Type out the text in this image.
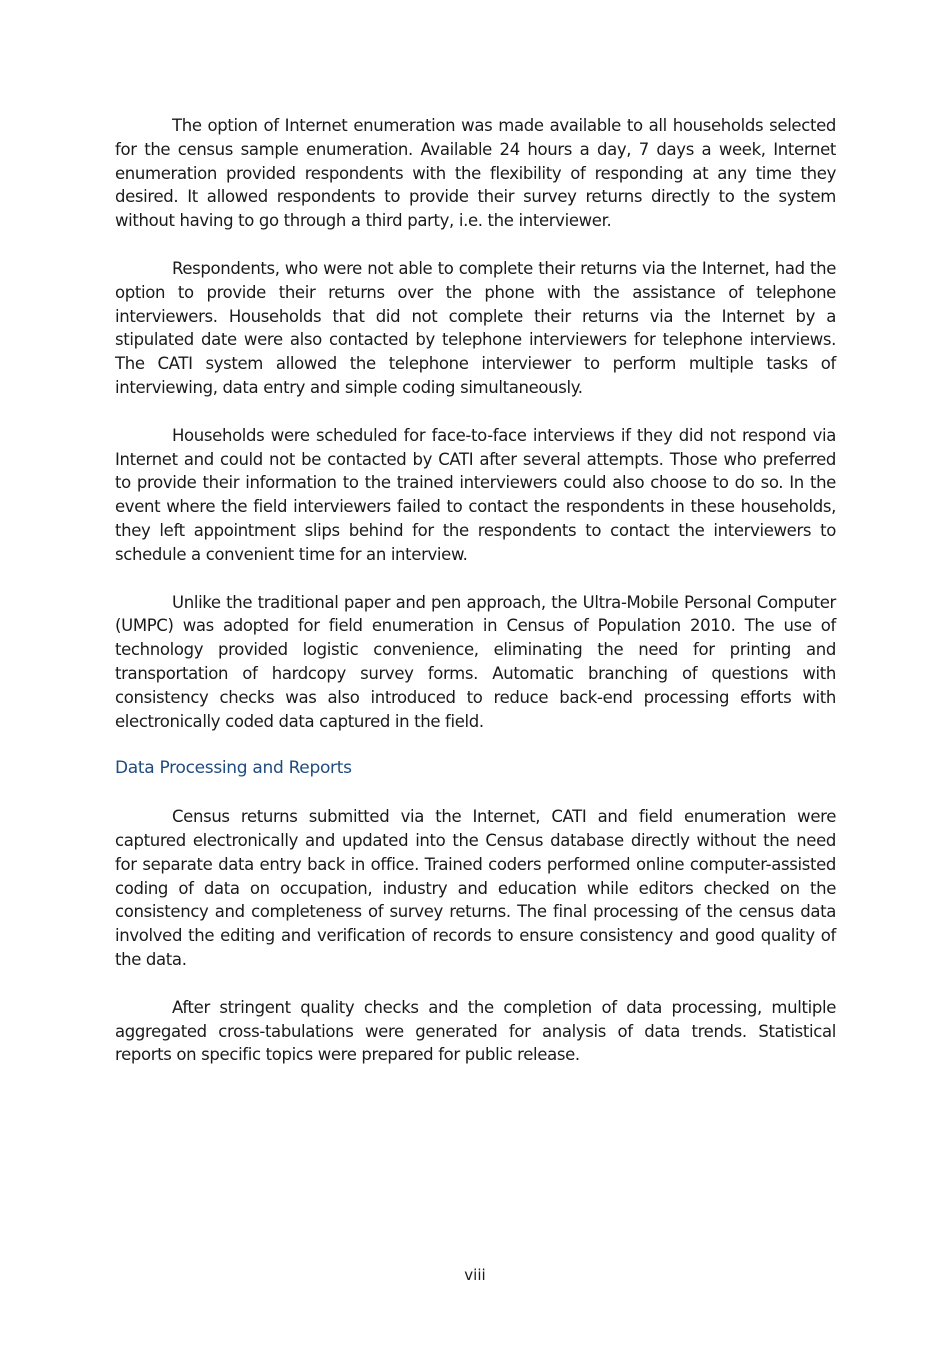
The option of Internet enumeration was made available to all households selected for the census sample enumeration. Available 24 hours a day, 7 days a week, Internet enumeration provided respondents with the flexibility of responding at any time they desired. It allowed respondents to provide their survey returns directly to the system without having to go through a third party, i.e. the interviewer.

Respondents, who were not able to complete their returns via the Internet, had the option to provide their returns over the phone with the assistance of telephone interviewers. Households that did not complete their returns via the Internet by a stipulated date were also contacted by telephone interviewers for telephone interviews. The CATI system allowed the telephone interviewer to perform multiple tasks of interviewing, data entry and simple coding simultaneously.

Households were scheduled for face-to-face interviews if they did not respond via Internet and could not be contacted by CATI after several attempts. Those who preferred to provide their information to the trained interviewers could also choose to do so. In the event where the field interviewers failed to contact the respondents in these households, they left appointment slips behind for the respondents to contact the interviewers to schedule a convenient time for an interview.

Unlike the traditional paper and pen approach, the Ultra-Mobile Personal Computer (UMPC) was adopted for field enumeration in Census of Population 2010. The use of technology provided logistic convenience, eliminating the need for printing and transportation of hardcopy survey forms. Automatic branching of questions with consistency checks was also introduced to reduce back-end processing efforts with electronically coded data captured in the field.

Data Processing and Reports

Census returns submitted via the Internet, CATI and field enumeration were captured electronically and updated into the Census database directly without the need for separate data entry back in office. Trained coders performed online computer-assisted coding of data on occupation, industry and education while editors checked on the consistency and completeness of survey returns. The final processing of the census data involved the editing and verification of records to ensure consistency and good quality of the data.

After stringent quality checks and the completion of data processing, multiple aggregated cross-tabulations were generated for analysis of data trends. Statistical reports on specific topics were prepared for public release.

viii
